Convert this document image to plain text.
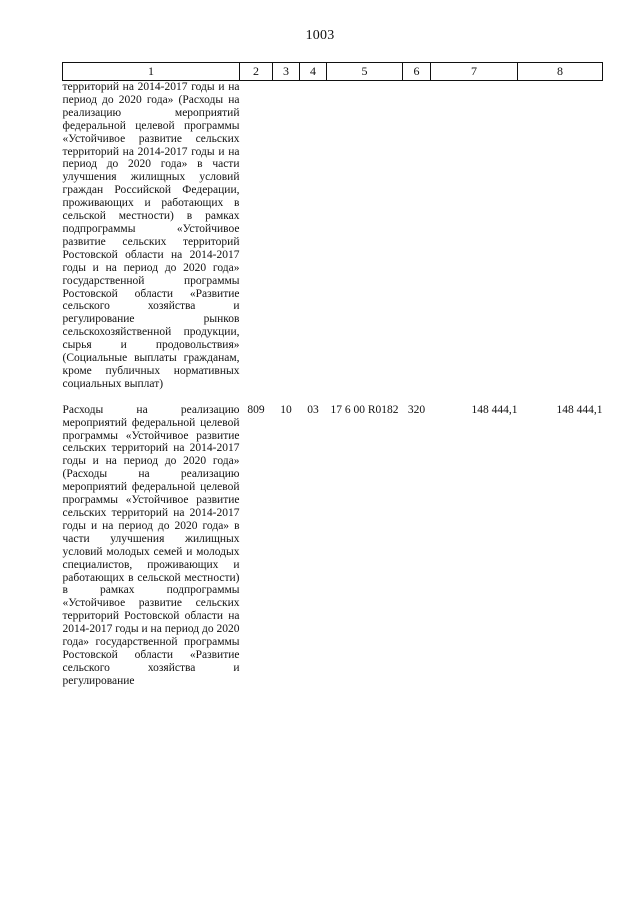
1003
1	2	3	4	5	6	7	8
территорий на 2014-2017 годы и на период до 2020 года» (Расходы на реализацию мероприятий федеральной целевой программы «Устойчивое развитие сельских территорий на 2014-2017 годы и на период до 2020 года» в части улучшения жилищных условий граждан Российской Федерации, проживающих и работающих в сельской местности) в рамках подпрограммы «Устойчивое развитие сельских территорий Ростовской области на 2014-2017 годы и на период до 2020 года» государственной программы Ростовской области «Развитие сельского хозяйства и регулирование рынков сельскохозяйственной продукции, сырья и продовольствия» (Социальные выплаты гражданам, кроме публичных нормативных социальных выплат)							
Расходы на реализацию мероприятий федеральной целевой программы «Устойчивое развитие сельских территорий на 2014-2017 годы и на период до 2020 года» (Расходы на реализацию мероприятий федеральной целевой программы «Устойчивое развитие сельских территорий на 2014-2017 годы и на период до 2020 года» в части улучшения жилищных условий молодых семей и молодых специалистов, проживающих и работающих в сельской местности) в рамках подпрограммы «Устойчивое развитие сельских территорий Ростовской области на 2014-2017 годы и на период до 2020 года» государственной программы Ростовской области «Развитие сельского хозяйства и регулирование	809	10	03	17 6 00 R0182	320	148 444,1	148 444,1
